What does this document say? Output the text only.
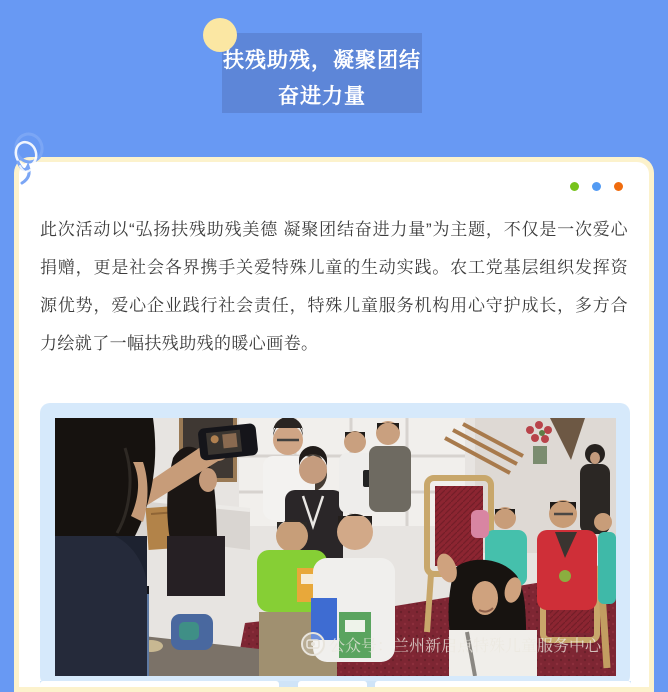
扶残助残，凝聚团结
奋进力量
此次活动以“弘扬扶残助残美德 凝聚团结奋进力量”为主题，不仅是一次爱心捐赠，更是社会各界携手关爱特殊儿童的生动实践。农工党基层组织发挥资源优势，爱心企业践行社会责任，特殊儿童服务机构用心守护成长，多方合力绘就了一幅扶残助残的暖心画卷。
公众号：兰州新启点特殊儿童服务中心
